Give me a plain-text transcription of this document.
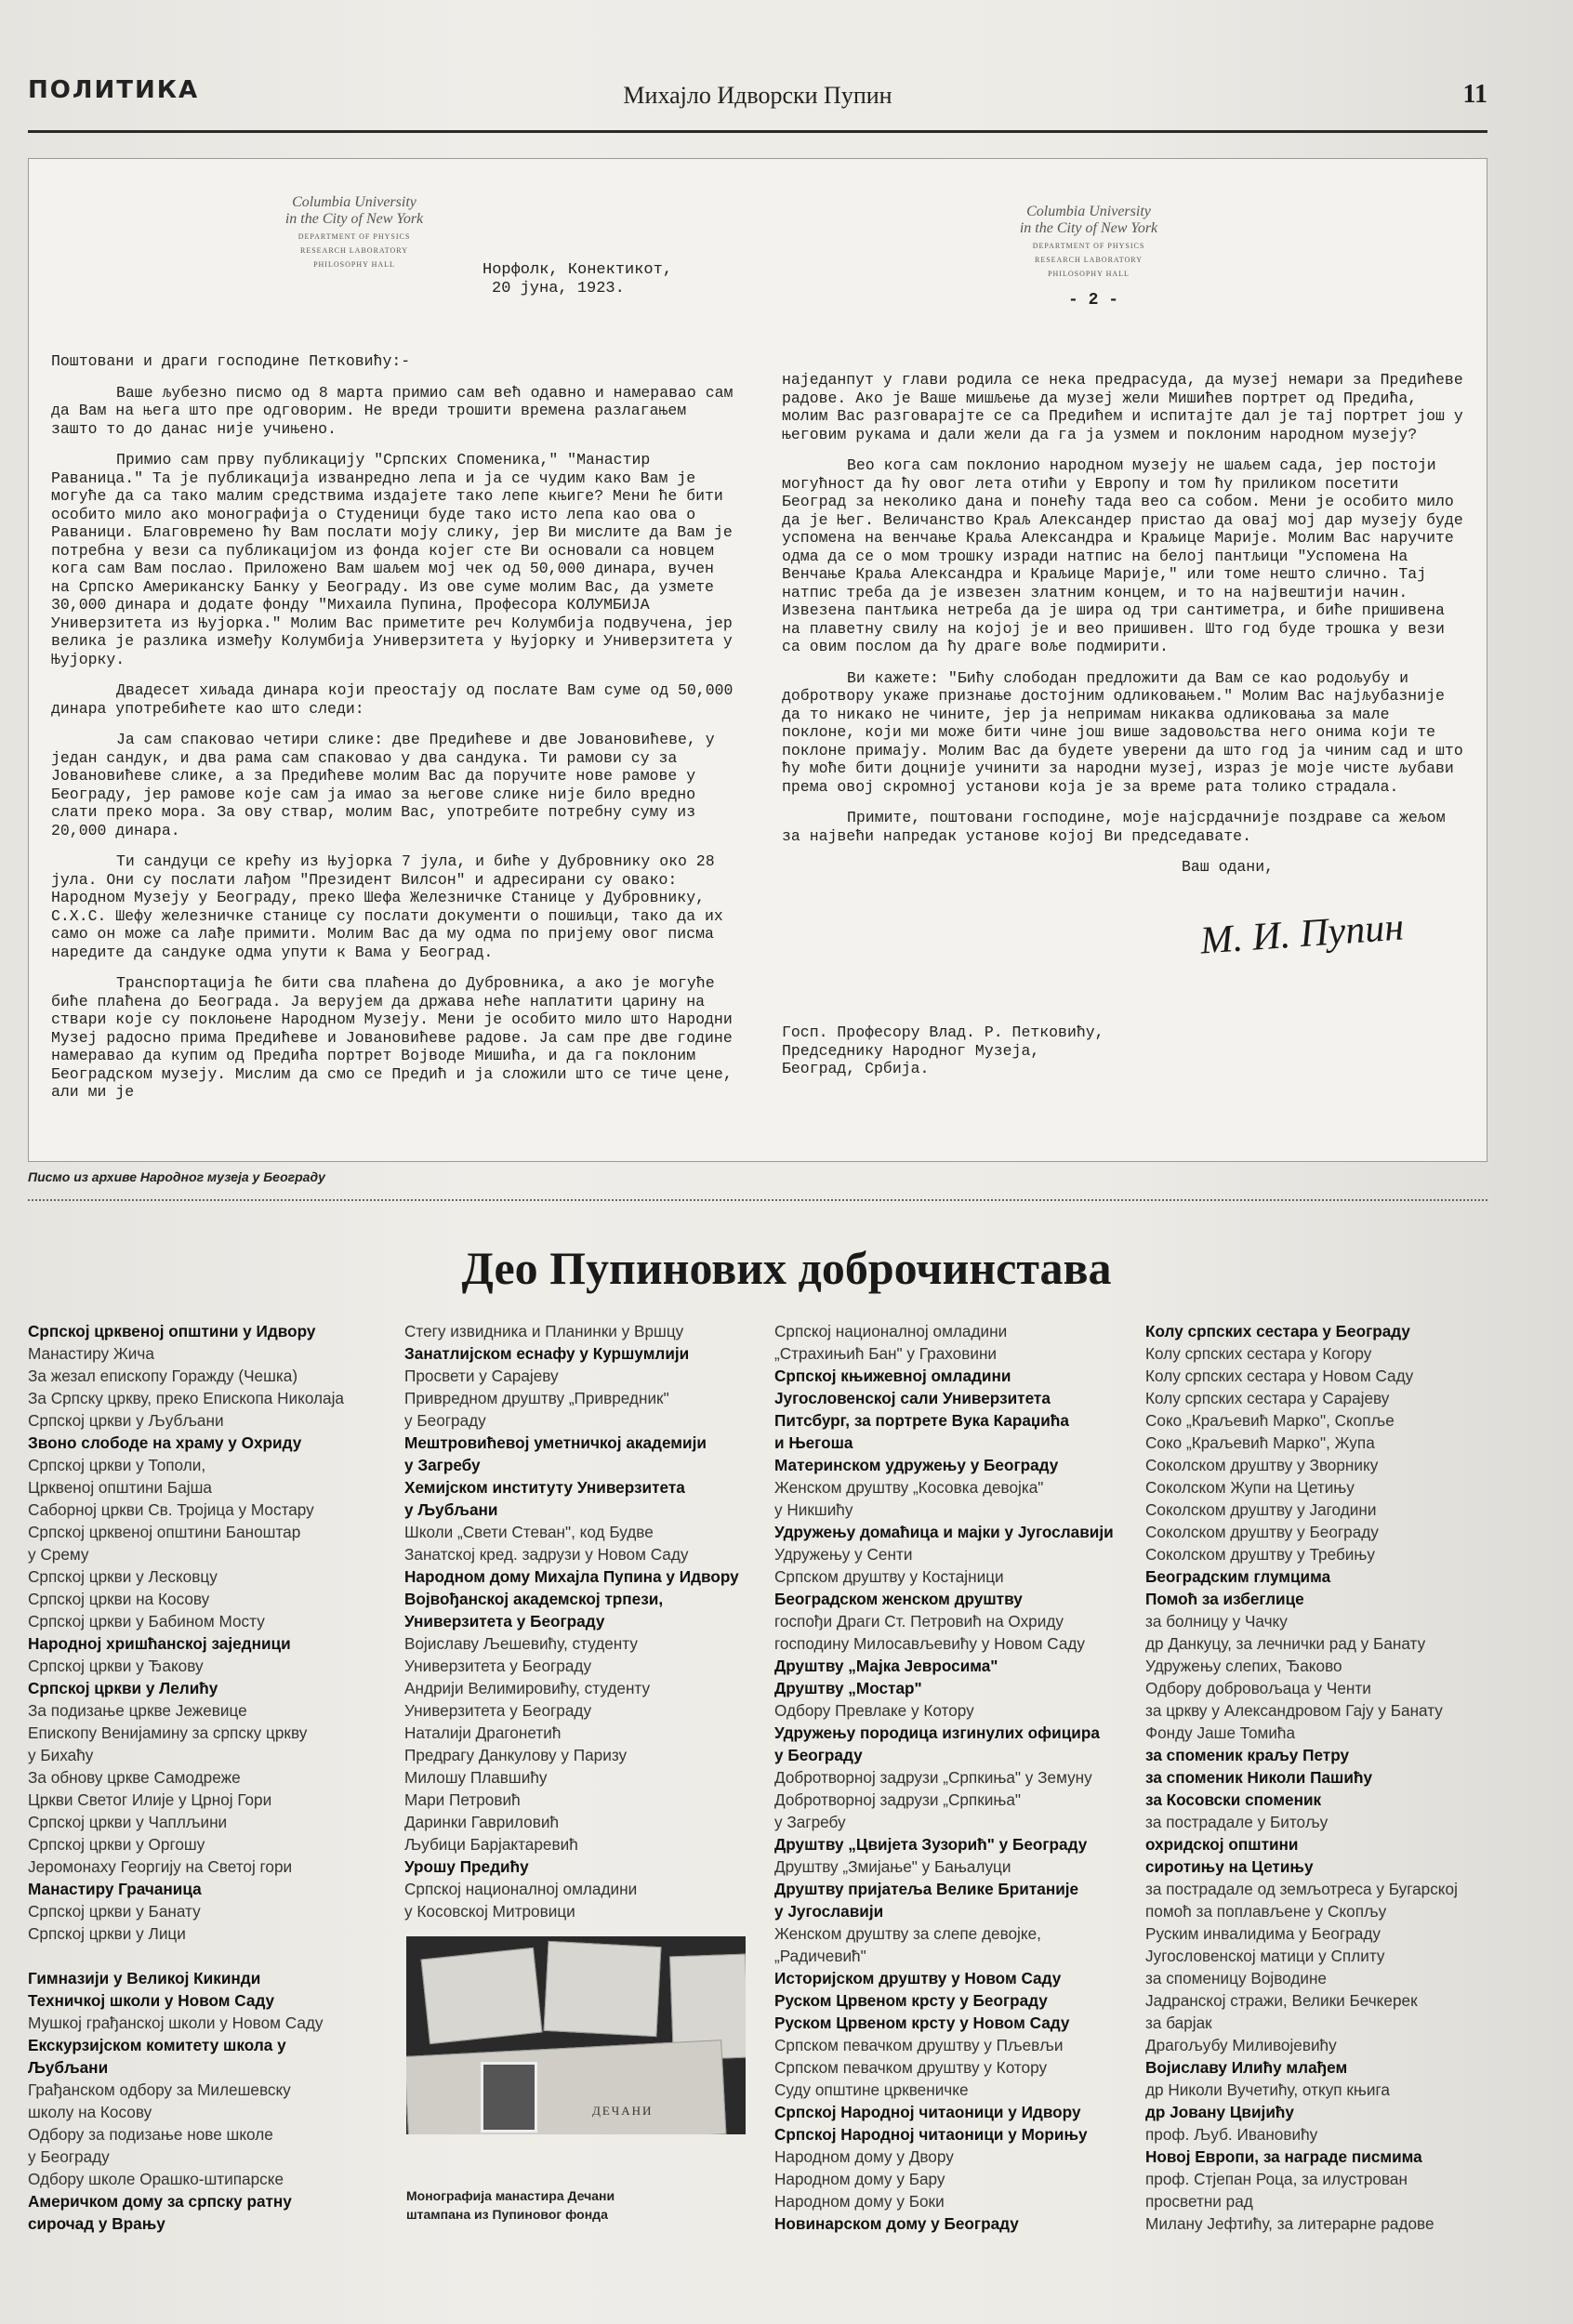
ПОЛИТИКА	Михајло Идворски Пупин	11
Columbia University
in the City of New York
DEPARTMENT OF PHYSICS
RESEARCH LABORATORY
PHILOSOPHY HALL
Columbia University
in the City of New York
DEPARTMENT OF PHYSICS
RESEARCH LABORATORY
PHILOSOPHY HALL
Норфолк, Конектикот,
20 јуна, 1923.
- 2 -

Поштовани и драги господине Петковићу:-

Ваше љубезно писмо од 8 марта примио сам већ одавно и намеравао сам да Вам на њега што пре одговорим. Не вреди трошити времена разлагањем зашто то до данас није учињено.

Примио сам прву публикацију "Српских Споменика," "Манастир Раваница." Та је публикација изванредно лепа и ја се чудим како Вам је могуће да са тако малим средствима издајете тако лепе књиге? Мени ће бити особито мило ако монографија о Студеници буде тако исто лепа као ова о Раваници. Благовремено ћу Вам послати моју слику, јер Ви мислите да Вам је потребна у вези са публикацијом из фонда којег сте Ви основали са новцем кога сам Вам послао. Приложено Вам шаљем мој чек од 50,000 динара, вучен на Српско Американску Банку у Београду. Из ове суме молим Вас, да узмете 30,000 динара и додате фонду "Михаила Пупина, Професора КОЛУМБИЈА Универзитета из Њујорка." Молим Вас приметите реч Колумбија подвучена, јер велика је разлика између Колумбија Универзитета у Њујорку и Универзитета у Њујорку.

Двадесет хиљада динара који преостају од послате Вам суме од 50,000 динара употребићете као што следи:

Ја сам спаковао четири слике: две Предићеве и две Јовановићеве, у један сандук, и два рама сам спаковао у два сандука. Ти рамови су за Јовановићеве слике, а за Предићеве молим Вас да поручите нове рамове у Београду, јер рамове које сам ја имао за његове слике није било вредно слати преко мора. За ову ствар, молим Вас, употребите потребну суму из 20,000 динара.

Ти сандуци се крећу из Њујорка 7 јула, и биће у Дубровнику око 28 јула. Они су послати лађом "Президент Вилсон" и адресирани су овако: Народном Музеју у Београду, преко Шефа Железничке Станице у Дубровнику, С.Х.С. Шефу железничке станице су послати документи о пошиљци, тако да их само он може са лађе примити. Молим Вас да му одма по пријему овог писма наредите да сандуке одма упути к Вама у Београд.

Транспортација ће бити сва плаћена до Дубровника, а ако је могуће биће плаћена до Београда. Ја верујем да држава неће наплатити царину на ствари које су поклоњене Народном Музеју. Мени је особито мило што Народни Музеј радосно прима Предићеве и Јовановићеве радове. Ја сам пре две године намеравао да купим од Предића портрет Војводе Мишића, и да га поклоним Београдском музеју. Мислим да смо се Предић и ја сложили што се тиче цене, али ми је

наједанпут у глави родила се нека предрасуда, да музеј немари за Предићеве радове. Ако је Ваше мишљење да музеј жели Мишићев портрет од Предића, молим Вас разговарајте се са Предићем и испитајте дал је тај портрет још у његовим рукама и дали жели да га ја узмем и поклоним народном музеју?

Вео кога сам поклонио народном музеју не шаљем сада, јер постоји могућност да ћу овог лета отићи у Европу и том ћу приликом посетити Београд за неколико дана и понећу тада вео са собом. Мени је особито мило да је Њег. Величанство Краљ Александер пристао да овај мој дар музеју буде успомена на венчање Краља Александра и Краљице Марије. Молим Вас наручите одма да се о мом трошку изради натпис на белој пантљици "Успомена На Венчање Краља Александра и Краљице Марије," или томе нешто слично. Тај натпис треба да је извезен златним концем, и то на највештији начин. Извезена пантљика нетреба да је шира од три сантиметра, и биће пришивена на плаветну свилу на којој је и вео пришивен. Што год буде трошка у вези са овим послом да ћу драге воље подмирити.

Ви кажете: "Бићу слободан предложити да Вам се као родољубу и добротвору укаже признање достојним одликовањем." Молим Вас најљубазније да то никако не чините, јер ја непримам никаква одликовања за мале поклоне, који ми може бити чине још више задовољства него онима који те поклоне примају. Молим Вас да будете уверени да што год ја чиним сад и што ћу моће бити доцније учинити за народни музеј, израз је моје чисте љубави према овој скромној установи која је за време рата толико страдала.

Примите, поштовани господине, моје најсрдачније поздраве са жељом за највећи напредак установе којој Ви председавате.

Ваш одани,

М. И. Пупин
Госп. Професору Влад. Р. Петковићу,
Председнику Народног Музеја,
Београд, Србија.
Писмо из архиве Народног музеја у Београду
Део Пупинових доброчинстава
Српској црквеној општини у Идвору
Манастиру Жича
За жезал епископу Горажду (Чешка)
За Српску цркву, преко Епископа Николаја
Српској цркви у Љубљани
Звоно слободе на храму у Охриду
Српској цркви у Тополи,
Црквеној општини Бајша
Саборној цркви Св. Тројица у Мостару
Српској црквеној општини Баноштар
у Срему
Српској цркви у Лесковцу
Српској цркви на Косову
Српској цркви у Бабином Мосту
Народној хришћанској заједници
Српској цркви у Ђакову
Српској цркви у Лелићу
За подизање цркве Јежевице
Епископу Венијамину за српску цркву
у Бихаћу
За обнову цркве Самодреже
Цркви Светог Илије у Црној Гори
Српској цркви у Чаплљини
Српској цркви у Оргошу
Јеромонаху Георгију на Светој гори
Манастиру Грачаница
Српској цркви у Банату
Српској цркви у Лици
Гимназији у Великој Кикинди
Техничкој школи у Новом Саду
Мушкој грађанској школи у Новом Саду
Екскурзијском комитету школа у
Љубљани
Грађанском одбору за Милешевску
школу на Косову
Одбору за подизање нове школе
у Београду
Одбору школе Орашко-штипарске
Америчком дому за српску ратну
сирочад у Врању
Стегу извидника и Планинки у Вршцу
Занатлијском еснафу у Куршумлији
Просвети у Сарајеву
Привредном друштву „Привредник"
у Београду
Мештровићевој уметничкој академији
у Загребу
Хемијском институту Универзитета
у Љубљани
Школи „Свети Стеван", код Будве
Занатској кред. задрузи у Новом Саду
Народном дому Михајла Пупина у Идвору
Војвођанској академској трпези,
Универзитета у Београду
Војиславу Љешевићу, студенту
Универзитета у Београду
Андрији Велимировићу, студенту
Универзитета у Београду
Наталији Драгонетић
Предрагу Данкулову у Паризу
Милошу Плавшићу
Мари Петровић
Даринки Гавриловић
Љубици Барјактаревић
Урошу Предићу
Српској националној омладини
у Косовској Митровици
Српској националној омладини
„Страхињић Бан" у Граховини
Српској књижевној омладини
Југословенској сали Универзитета
Питсбург, за портрете Вука Караџића
и Његоша
Материнском удружењу у Београду
Женском друштву „Косовка девојка"
у Никшићу
Удружењу домаћица и мајки у Југославији
Удружењу у Сенти
Српском друштву у Костајници
Београдском женском друштву
госпођи Драги Ст. Петровић на Охриду
господину Милосављевићу у Новом Саду
Друштву „Мајка Јевросима"
Друштву „Мостар"
Одбору Превлаке у Котору
Удружењу породица изгинулих официра
у Београду
Добротворној задрузи „Српкиња" у Земуну
Добротворној задрузи „Српкиња"
у Загребу
Друштву „Цвијета Зузорић" у Београду
Друштву „Змијање" у Бањалуци
Друштву пријатеља Велике Британије
у Југославији
Женском друштву за слепе девојке,
„Радичевић"
Историјском друштву у Новом Саду
Руском Црвеном крсту у Београду
Руском Црвеном крсту у Новом Саду
Српском певачком друштву у Пљевљи
Српском певачком друштву у Котору
Суду општине црквеничке
Српској Народној читаоници у Идвору
Српској Народној читаоници у Морињу
Народном дому у Двору
Народном дому у Бару
Народном дому у Боки
Новинарском дому у Београду
Колу српских сестара у Београду
Колу српских сестара у Когору
Колу српских сестара у Новом Саду
Колу српских сестара у Сарајеву
Соко „Краљевић Марко", Скопље
Соко „Краљевић Марко", Жупа
Соколском друштву у Зворнику
Соколском Жупи на Цетињу
Соколском друштву у Јагодини
Соколском друштву у Београду
Соколском друштву у Требињу
Београдским глумцима
Помоћ за избеглице
за болницу у Чачку
др Данкуцу, за лечнички рад у Банату
Удружењу слепих, Ђаково
Одбору добровољаца у Ченти
за цркву у Александровом Гају у Банату
Фонду Јаше Томића
за споменик краљу Петру
за споменик Николи Пашићу
за Косовски споменик
за пострадале у Битољу
охридској општини
сиротињу на Цетињу
за пострадале од земљотреса у Бугарској
помоћ за поплављене у Скопљу
Руским инвалидима у Београду
Југословенској матици у Сплиту
за споменицу Војводине
Јадранској стражи, Велики Бечкерек
за барјак
Драгољубу Миливојевићу
Војиславу Илићу млађем
др Николи Вучетићу, откуп књига
др Јовану Цвијићу
проф. Љуб. Ивановићу
Новој Европи, за награде писмима
проф. Стјепан Роца, за илустрован
просветни рад
Милану Јефтићу, за литерарне радове
ДЕЧАНИ
Монографија манастира Дечани
штампана из Пупиновог фонда
